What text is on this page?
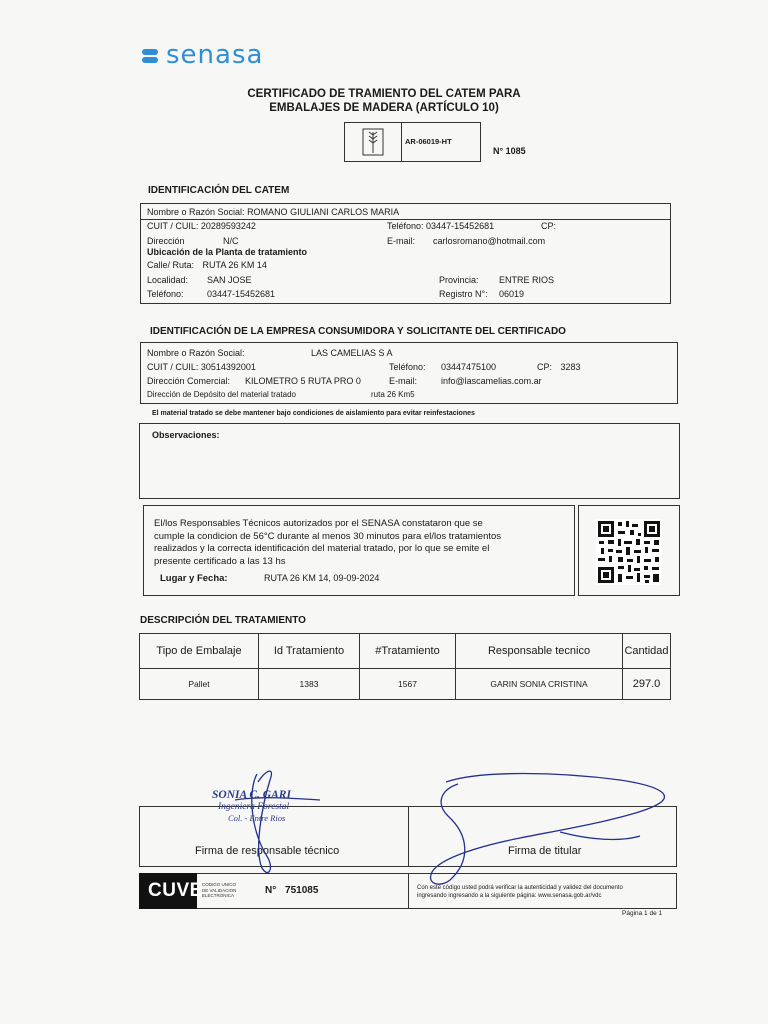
senasa
CERTIFICADO DE TRAMIENTO DEL CATEM PARA
EMBALAJES DE MADERA (ARTÍCULO 10)
AR-06019-HT
N° 1085
IDENTIFICACIÓN DEL CATEM
Nombre o Razón Social: ROMANO GIULIANI CARLOS MARIA
CUIT / CUIL: 20289593242	Teléfono: 03447-15452681	CP:
Dirección	N/C	E-mail: carlosromano@hotmail.com
Ubicación de la Planta de tratamiento
Calle/ Ruta: RUTA 26 KM 14
Localidad: SAN JOSE	Provincia: ENTRE RIOS
Teléfono:	03447-15452681	Registro N°: 06019
IDENTIFICACIÓN DE LA EMPRESA CONSUMIDORA Y SOLICITANTE DEL CERTIFICADO
Nombre o Razón Social:	LAS CAMELIAS S A
CUIT / CUIL: 30514392001	Teléfono: 03447475100	CP: 3283
Dirección Comercial: KILOMETRO 5 RUTA PRO 0	E-mail:	info@lascamelias.com.ar
Dirección de Depósito del material tratado	ruta 26 Km5
El material tratado se debe mantener bajo condiciones de aislamiento para evitar reinfestaciones
Observaciones:
El/los Responsables Técnicos autorizados por el SENASA constataron que se
cumple la condicion de 56°C durante al menos 30 minutos para el/los tratamientos
realizados y la correcta identificación del material tratado, por lo que se emite el
presente certificado a las 13 hs
Lugar y Fecha:	RUTA 26 KM 14, 09-09-2024
DESCRIPCIÓN DEL TRATAMIENTO
Tipo de Embalaje	Id Tratamiento	#Tratamiento	Responsable tecnico	Cantidad
Pallet	1383	1567	GARIN SONIA CRISTINA	297.0
Firma de responsable técnico	Firma de titular
SONIA C. GARI
Ingeniera Forestal
Col. - Entre Rios
CUVE CODIGO UNICO
DE VALIDACION
ELECTRONICA	N° 751085	Con este código usted podrá verificar la autenticidad y validez del documento
ingresando ingresando a la siguiente página: www.senasa.gob.ar/vdc
Página 1 de 1
